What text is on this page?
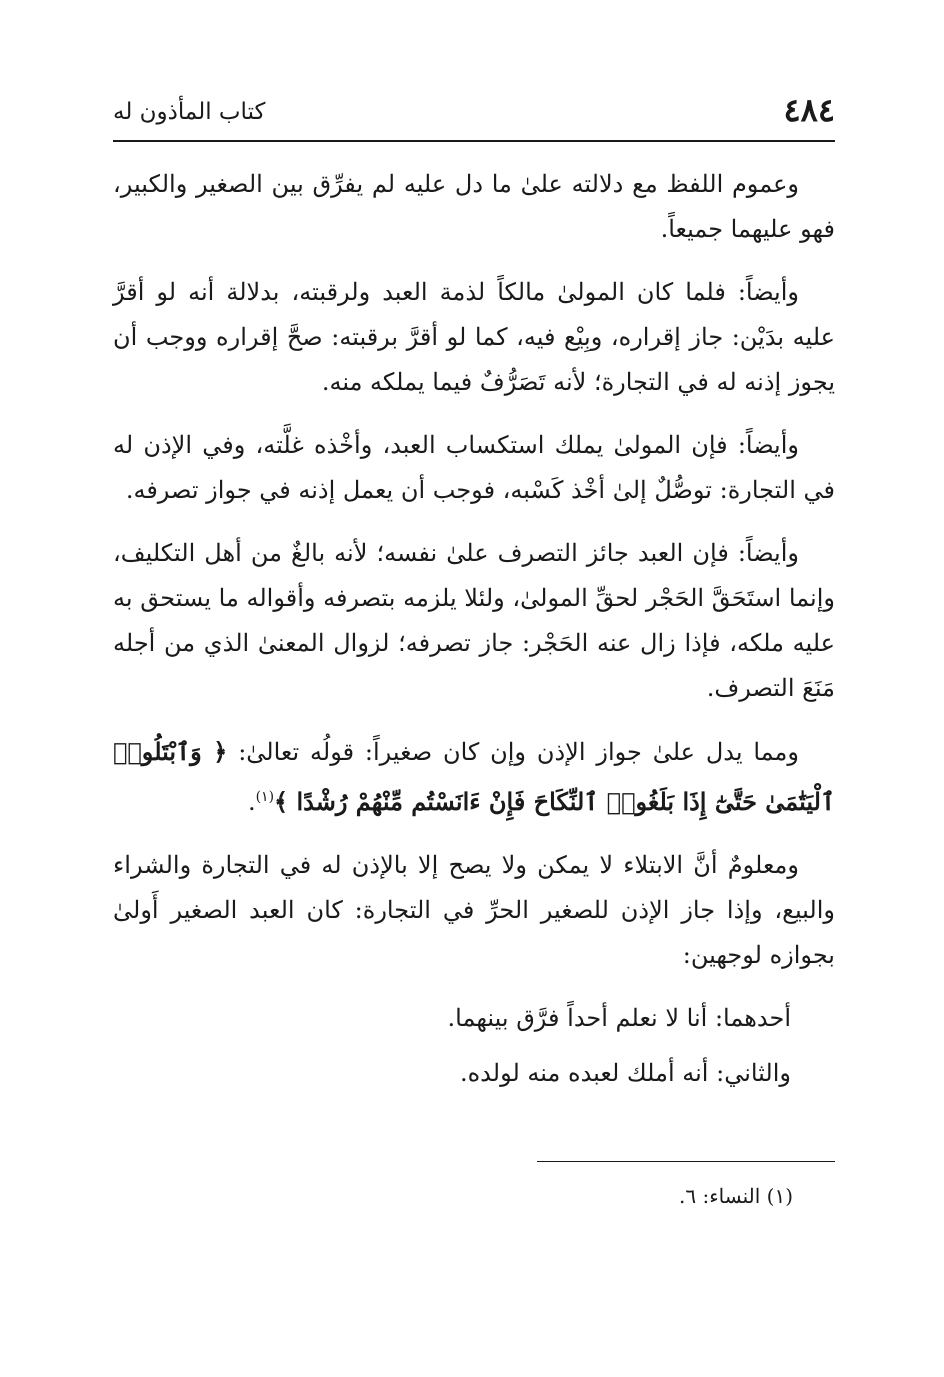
٤٨٤
كتاب المأذون له

وعموم اللفظ مع دلالته علىٰ ما دل عليه لم يفرِّق بين الصغير والكبير، فهو عليهما جميعاً.

وأيضاً: فلما كان المولىٰ مالكاً لذمة العبد ولرقبته، بدلالة أنه لو أقرَّ عليه بدَيْن: جاز إقراره، وبِيْع فيه، كما لو أقرَّ برقبته: صحَّ إقراره ووجب أن يجوز إذنه له في التجارة؛ لأنه تَصَرُّفٌ فيما يملكه منه.

وأيضاً: فإن المولىٰ يملك استكساب العبد، وأخْذه غلَّته، وفي الإذن له في التجارة: توصُّلٌ إلىٰ أخْذ كَسْبه، فوجب أن يعمل إذنه في جواز تصرفه.

وأيضاً: فإن العبد جائز التصرف علىٰ نفسه؛ لأنه بالغٌ من أهل التكليف، وإنما استَحَقَّ الحَجْر لحقِّ المولىٰ، ولئلا يلزمه بتصرفه وأقواله ما يستحق به عليه ملكه، فإذا زال عنه الحَجْر: جاز تصرفه؛ لزوال المعنىٰ الذي من أجله مَنَعَ التصرف.

ومما يدل علىٰ جواز الإذن وإن كان صغيراً: قولُه تعالىٰ: ﴿ وَٱبْتَلُوا۟ ٱلْيَتَٰمَىٰ حَتَّىٰٓ إِذَا بَلَغُوا۟ ٱلنِّكَاحَ فَإِنْ ءَانَسْتُم مِّنْهُمْ رُشْدًا ﴾$^{(١)}$.

ومعلومٌ أنَّ الابتلاء لا يمكن ولا يصح إلا بالإذن له في التجارة والشراء والبيع، وإذا جاز الإذن للصغير الحرِّ في التجارة: كان العبد الصغير أَولىٰ بجوازه لوجهين:

أحدهما: أنا لا نعلم أحداً فرَّق بينهما.

والثاني: أنه أملك لعبده منه لولده.

(١) النساء: ٦.
